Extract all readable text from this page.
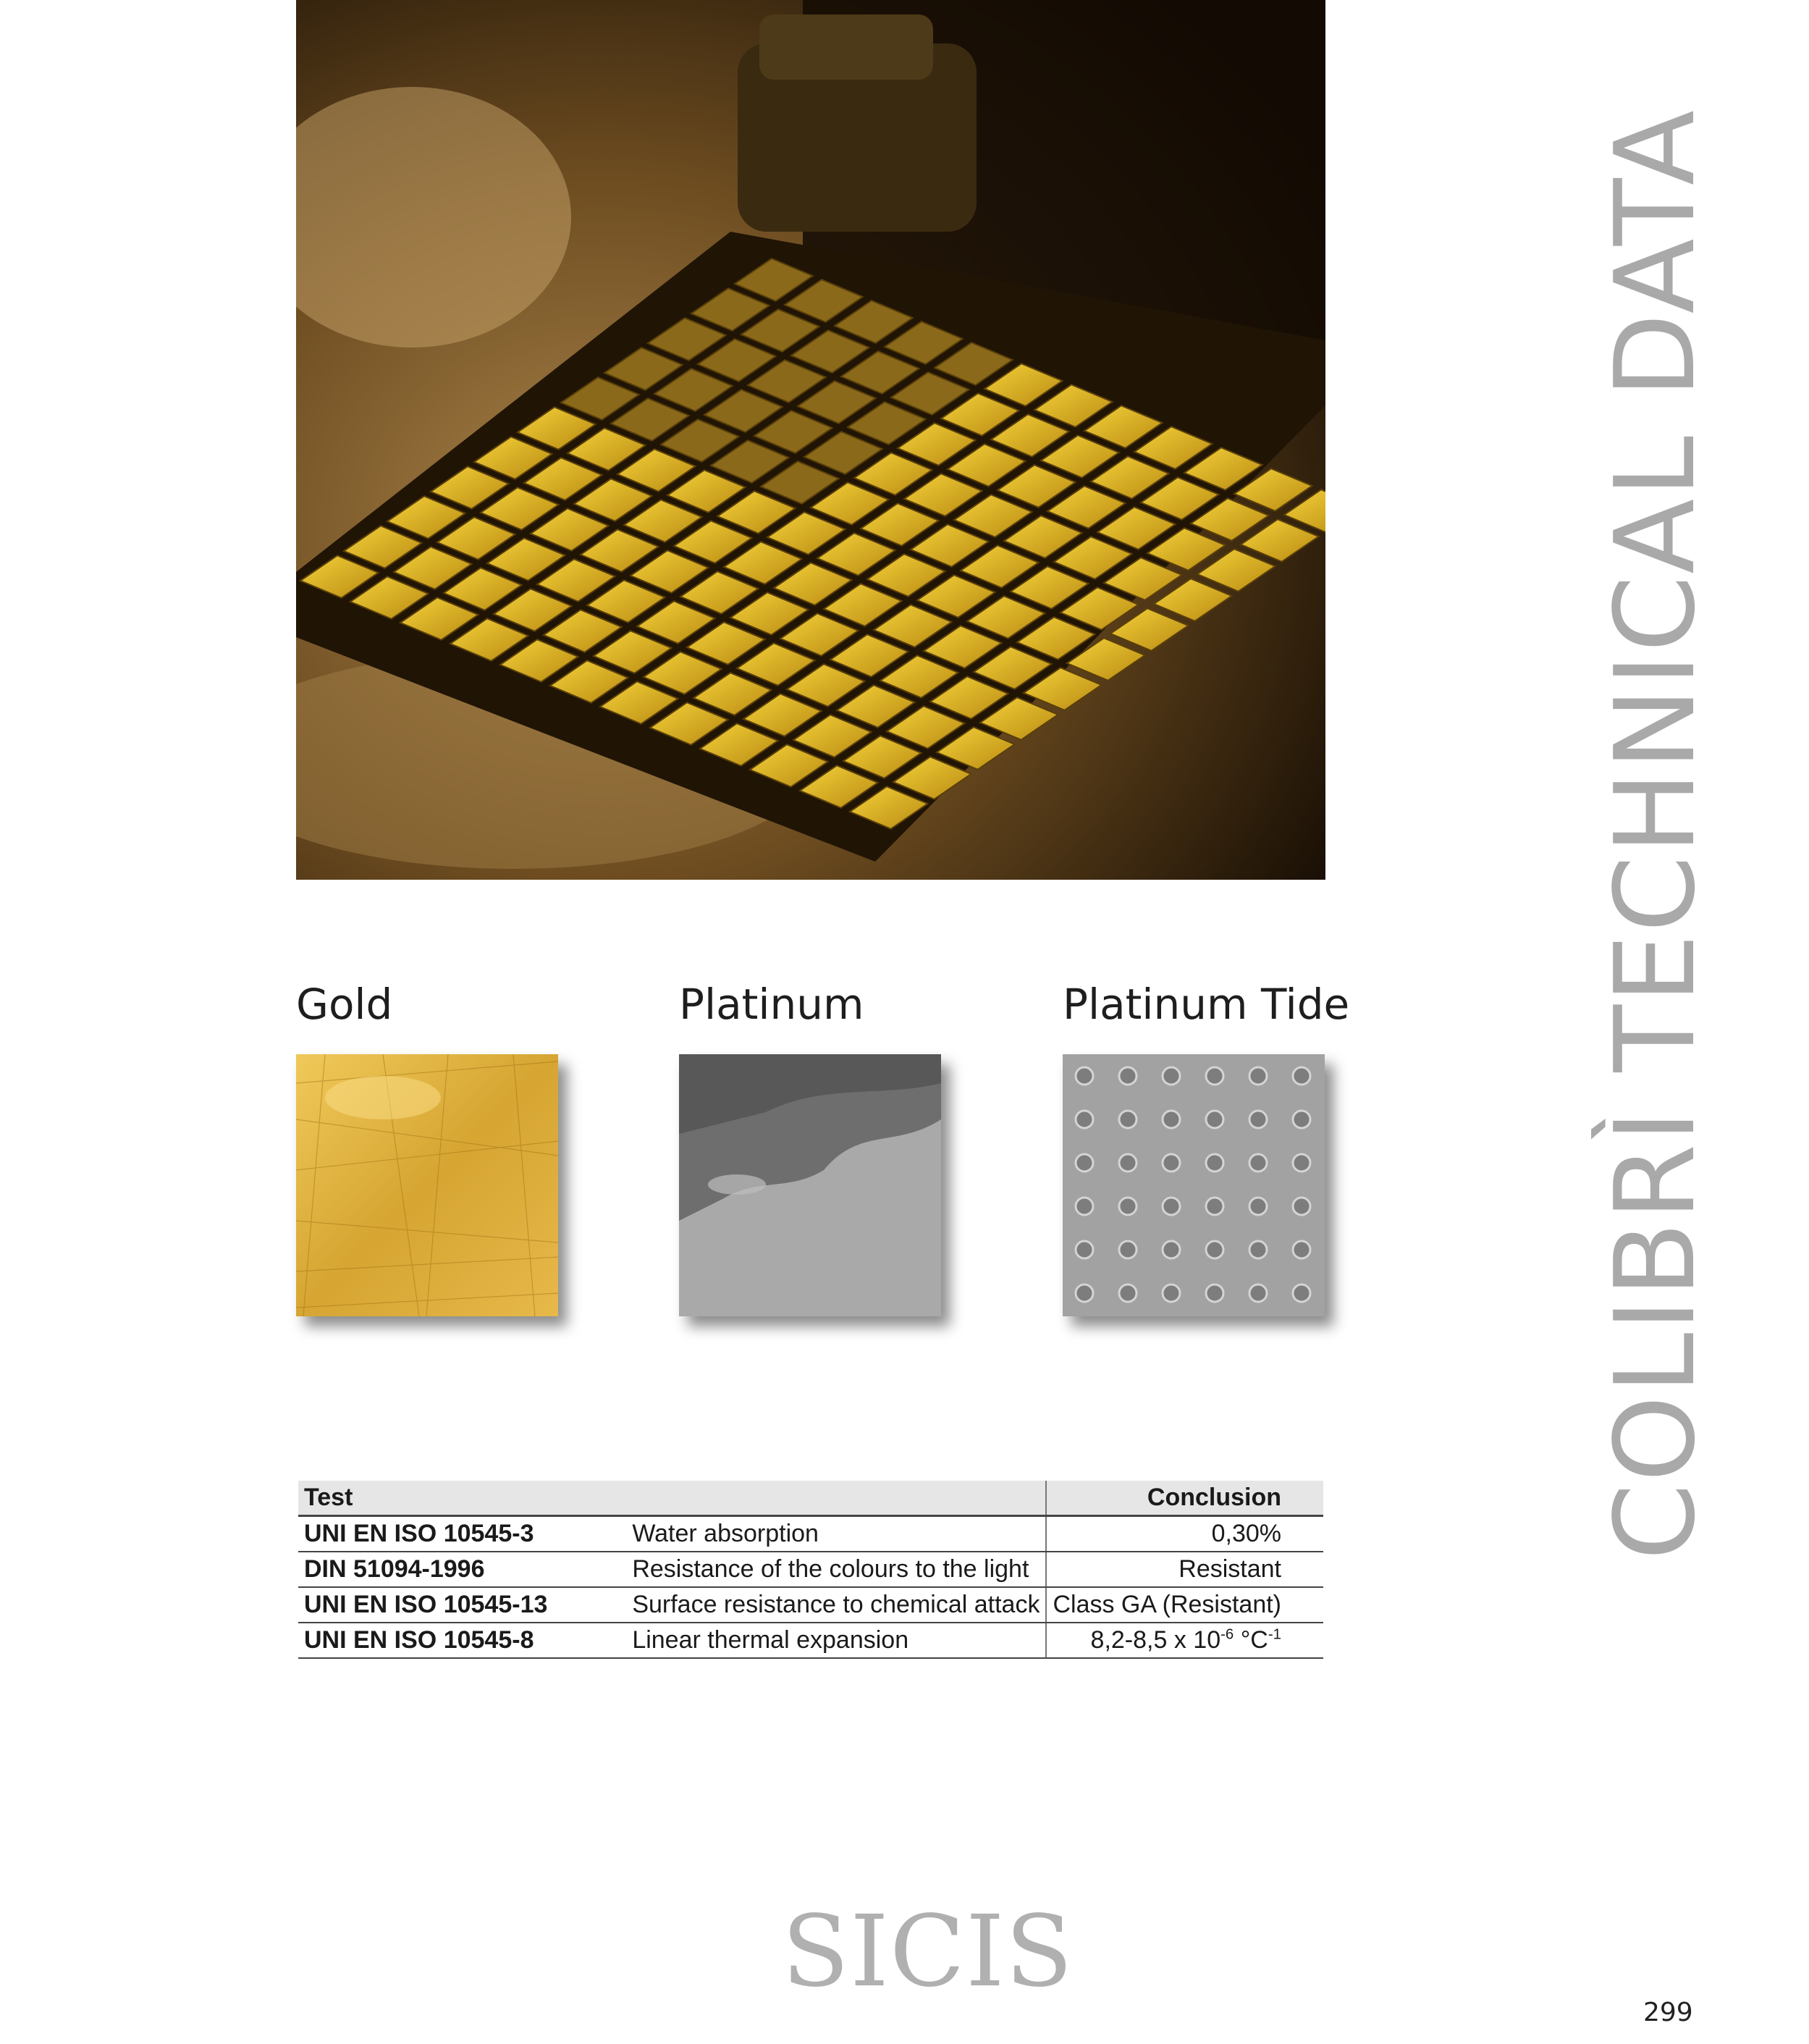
COLIBRÌ TECHNICAL DATA
Gold	Platinum	Platinum Tide
Test		Conclusion
UNI EN ISO 10545-3	Water absorption	0,30%
DIN 51094-1996	Resistance of the colours to the light	Resistant
UNI EN ISO 10545-13	Surface resistance to chemical attack	Class GA (Resistant)
UNI EN ISO 10545-8	Linear thermal expansion	8,2-8,5 x $10^{-6}$ $^\circ C^{-1}$
SICIS
299
